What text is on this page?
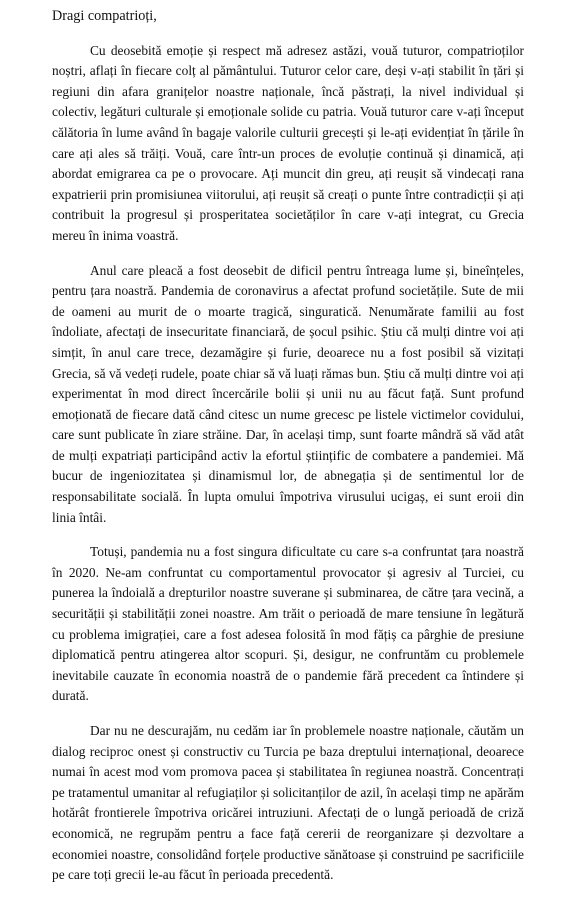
Dragi compatrioți,

Cu deosebită emoție și respect mă adresez astăzi, vouă tuturor, compatrioților noștri, aflați în fiecare colț al pământului. Tuturor celor care, deși v-ați stabilit în țări și regiuni din afara granițelor noastre naționale, încă păstrați, la nivel individual și colectiv, legături culturale și emoționale solide cu patria. Vouă tuturor care v-ați început călătoria în lume având în bagaje valorile culturii grecești și le-ați evidențiat în țările în care ați ales să trăiți. Vouă, care într-un proces de evoluție continuă și dinamică, ați abordat emigrarea ca pe o provocare. Ați muncit din greu, ați reușit să vindecați rana expatrierii prin promisiunea viitorului, ați reușit să creați o punte între contradicții și ați contribuit la progresul și prosperitatea societăților în care v-ați integrat, cu Grecia mereu în inima voastră.

Anul care pleacă a fost deosebit de dificil pentru întreaga lume și, bineînțeles, pentru țara noastră. Pandemia de coronavirus a afectat profund societățile. Sute de mii de oameni au murit de o moarte tragică, singuratică. Nenumărate familii au fost îndoliate, afectați de insecuritate financiară, de șocul psihic. Știu că mulți dintre voi ați simțit, în anul care trece, dezamăgire și furie, deoarece nu a fost posibil să vizitați Grecia, să vă vedeți rudele, poate chiar să vă luați rămas bun. Știu că mulți dintre voi ați experimentat în mod direct încercările bolii și unii nu au făcut față. Sunt profund emoționată de fiecare dată când citesc un nume grecesc pe listele victimelor covidului, care sunt publicate în ziare străine. Dar, în același timp, sunt foarte mândră să văd atât de mulți expatriați participând activ la efortul științific de combatere a pandemiei. Mă bucur de ingeniozitatea și dinamismul lor, de abnegația și de sentimentul lor de responsabilitate socială. În lupta omului împotriva virusului ucigaș, ei sunt eroii din linia întâi.

Totuși, pandemia nu a fost singura dificultate cu care s-a confruntat țara noastră în 2020. Ne-am confruntat cu comportamentul provocator și agresiv al Turciei, cu punerea la îndoială a drepturilor noastre suverane și subminarea, de către țara vecină, a securității și stabilității zonei noastre. Am trăit o perioadă de mare tensiune în legătură cu problema imigrației, care a fost adesea folosită în mod fățiș ca pârghie de presiune diplomatică pentru atingerea altor scopuri. Și, desigur, ne confruntăm cu problemele inevitabile cauzate în economia noastră de o pandemie fără precedent ca întindere și durată.

Dar nu ne descurajăm, nu cedăm iar în problemele noastre naționale, căutăm un dialog reciproc onest și constructiv cu Turcia pe baza dreptului internațional, deoarece numai în acest mod vom promova pacea și stabilitatea în regiunea noastră. Concentrați pe tratamentul umanitar al refugiaților și solicitanților de azil, în același timp ne apărăm hotărât frontierele împotriva oricărei intruziuni. Afectați de o lungă perioadă de criză economică, ne regrupăm pentru a face față cererii de reorganizare și dezvoltare a economiei noastre, consolidând forțele productive sănătoase și construind pe sacrificiile pe care toți grecii le-au făcut în perioada precedentă.
